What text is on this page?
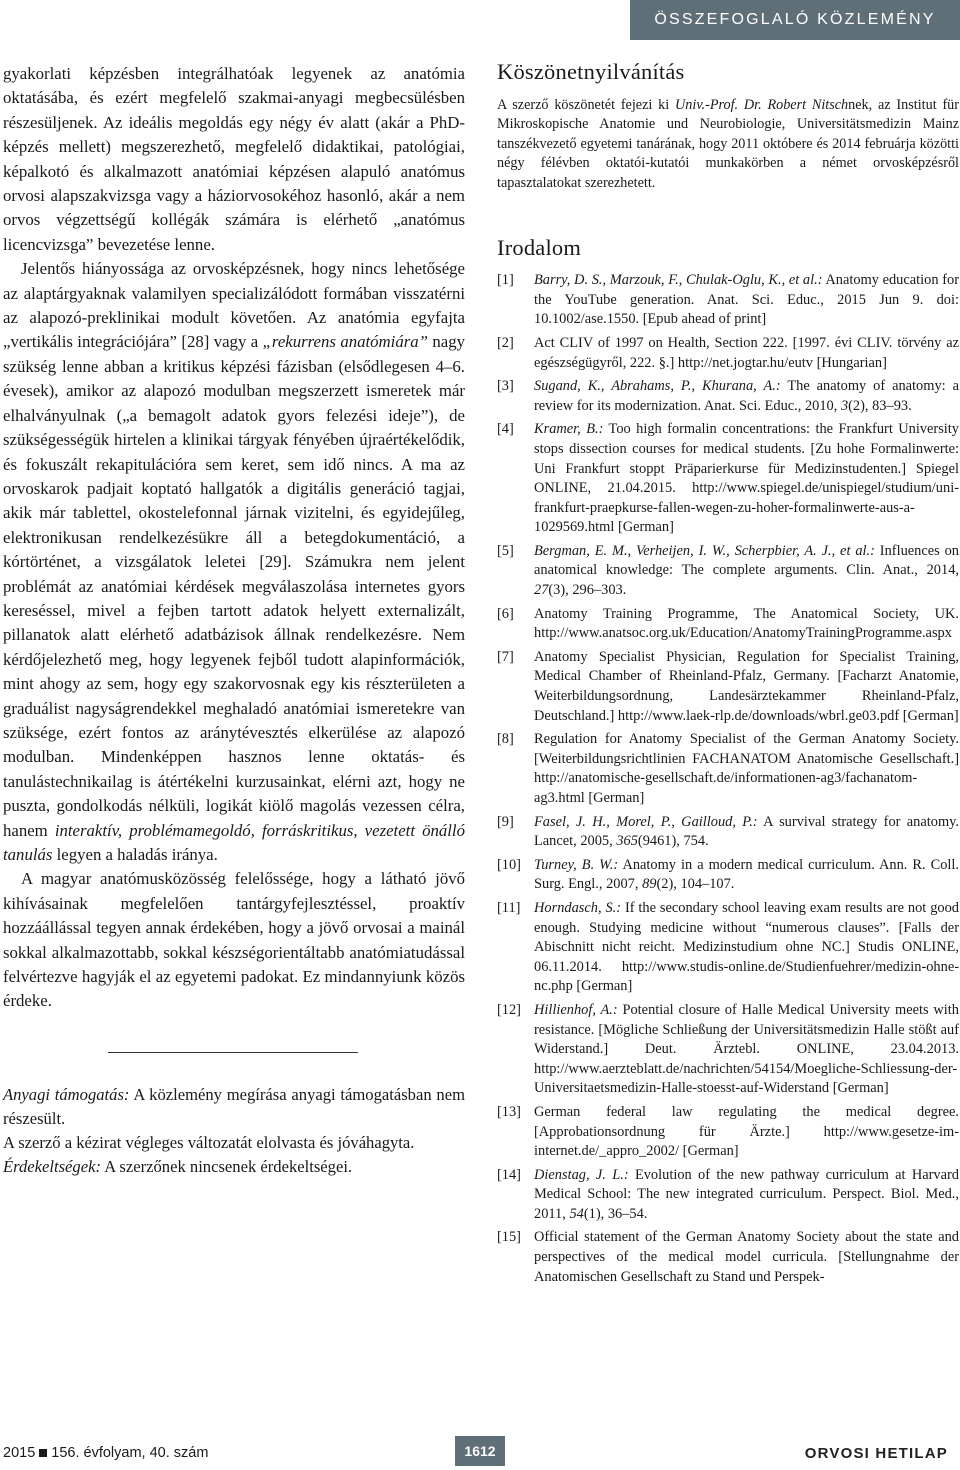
ÖSSZEFOGLALÓ KÖZLEMÉNY

gyakorlati képzésben integrálhatóak legyenek az anatómia oktatásába, és ezért megfelelő szakmai-anyagi megbecsülésben részesüljenek. Az ideális megoldás egy négy év alatt (akár a PhD-képzés mellett) megszerezhető, megfelelő didaktikai, patológiai, képalkotó és alkalmazott anatómiai képzésen alapuló anatómus orvosi alapszakvizsga vagy a háziorvosokéhoz hasonló, akár a nem orvos végzettségű kollégák számára is elérhető „anatómus licencvizsga” bevezetése lenne.

Jelentős hiányossága az orvosképzésnek, hogy nincs lehetősége az alaptárgyaknak valamilyen specializálódott formában visszatérni az alapozó-preklinikai modult követően. Az anatómia egyfajta „vertikális integrációjára” [28] vagy a „rekurrens anatómiára” nagy szükség lenne abban a kritikus képzési fázisban (elsődlegesen 4–6. évesek), amikor az alapozó modulban megszerzett ismeretek már elhalványulnak („a bemagolt adatok gyors felezési ideje”), de szükségességük hirtelen a klinikai tárgyak fényében újraértékelődik, és fokuszált rekapitulációra sem keret, sem idő nincs. A ma az orvoskarok padjait koptató hallgatók a digitális generáció tagjai, akik már tablettel, okostelefonnal járnak vizitelni, és egyidejűleg, elektronikusan rendelkezésükre áll a betegdokumentáció, a kórtörténet, a vizsgálatok leletei [29]. Számukra nem jelent problémát az anatómiai kérdések megválaszolása internetes gyors kereséssel, mivel a fejben tartott adatok helyett externalizált, pillanatok alatt elérhető adatbázisok állnak rendelkezésre. Nem kérdőjelezhető meg, hogy legyenek fejből tudott alapinformációk, mint ahogy az sem, hogy egy szakorvosnak egy kis részterületen a graduálist nagyságrendekkel meghaladó anatómiai ismeretekre van szüksége, ezért fontos az aránytévesztés elkerülése az alapozó modulban. Mindenképpen hasznos lenne oktatás- és tanulástechnikailag is átértékelni kurzusainkat, elérni azt, hogy ne puszta, gondolkodás nélküli, logikát kiölő magolás vezessen célra, hanem interaktív, problémamegoldó, forráskritikus, vezetett önálló tanulás legyen a haladás iránya.

A magyar anatómusközösség felelőssége, hogy a látható jövő kihívásainak megfelelően tantárgyfejlesztéssel, proaktív hozzáállással tegyen annak érdekében, hogy a jövő orvosai a mainál sokkal alkalmazottabb, sokkal készségorientáltabb anatómiatudással felvértezve hagyják el az egyetemi padokat. Ez mindannyiunk közös érdeke.

Anyagi támogatás: A közlemény megírása anyagi támogatásban nem részesült.

A szerző a kézirat végleges változatát elolvasta és jóváhagyta.

Érdekeltségek: A szerzőnek nincsenek érdekeltségei.

Köszönetnyilvánítás

A szerző köszönetét fejezi ki Univ.-Prof. Dr. Robert Nitschnek, az Institut für Mikroskopische Anatomie und Neurobiologie, Universitätsmedizin Mainz tanszékvezető egyetemi tanárának, hogy 2011 októbere és 2014 februárja közötti négy félévben oktatói-kutatói munkakörben a német orvosképzésről tapasztalatokat szerezhetett.

Irodalom
[1]	Barry, D. S., Marzouk, F., Chulak-Oglu, K., et al.: Anatomy education for the YouTube generation. Anat. Sci. Educ., 2015 Jun 9. doi: 10.1002/ase.1550. [Epub ahead of print]
[2]	Act CLIV of 1997 on Health, Section 222. [1997. évi CLIV. törvény az egészségügyről, 222. §.] http://net.jogtar.hu/eutv [Hungarian]
[3]	Sugand, K., Abrahams, P., Khurana, A.: The anatomy of anatomy: a review for its modernization. Anat. Sci. Educ., 2010, 3(2), 83–93.
[4]	Kramer, B.: Too high formalin concentrations: the Frankfurt University stops dissection courses for medical students. [Zu hohe Formalinwerte: Uni Frankfurt stoppt Präparierkurse für Medizinstudenten.] Spiegel ONLINE, 21.04.2015. http://www.spiegel.de/unispiegel/studium/uni-frankfurt-praepkurse-fallen-wegen-zu-hoher-formalinwerte-aus-a-1029569.html [German]
[5]	Bergman, E. M., Verheijen, I. W., Scherpbier, A. J., et al.: Influences on anatomical knowledge: The complete arguments. Clin. Anat., 2014, 27(3), 296–303.
[6]	Anatomy Training Programme, The Anatomical Society, UK. http://www.anatsoc.org.uk/Education/AnatomyTrainingProgramme.aspx
[7]	Anatomy Specialist Physician, Regulation for Specialist Training, Medical Chamber of Rheinland-Pfalz, Germany. [Facharzt Anatomie, Weiterbildungsordnung, Landesärztekammer Rheinland-Pfalz, Deutschland.] http://www.laek-rlp.de/downloads/wbrl.ge03.pdf [German]
[8]	Regulation for Anatomy Specialist of the German Anatomy Society. [Weiterbildungsrichtlinien FACHANATOM Anatomische Gesellschaft.] http://anatomische-gesellschaft.de/informationen-ag3/fachanatom-ag3.html [German]
[9]	Fasel, J. H., Morel, P., Gailloud, P.: A survival strategy for anatomy. Lancet, 2005, 365(9461), 754.
[10] Turney, B. W.: Anatomy in a modern medical curriculum. Ann. R. Coll. Surg. Engl., 2007, 89(2), 104–107.
[11] Horndasch, S.: If the secondary school leaving exam results are not good enough. Studying medicine without “numerous clauses”. [Falls der Abischnitt nicht reicht. Medizinstudium ohne NC.] Studis ONLINE, 06.11.2014. http://www.studis-online.de/Studienfuehrer/medizin-ohne-nc.php [German]
[12] Hillienhof, A.: Potential closure of Halle Medical University meets with resistance. [Mögliche Schließung der Universitätsmedizin Halle stößt auf Widerstand.] Deut. Ärztebl. ONLINE, 23.04.2013. http://www.aerzteblatt.de/nachrichten/54154/Moegliche-Schliessung-der-Universitaetsmedizin-Halle-stoesst-auf-Widerstand [German]
[13] German federal law regulating the medical degree. [Approbationsordnung für Ärzte.] http://www.gesetze-im-internet.de/_appro_2002/ [German]
[14] Dienstag, J. L.: Evolution of the new pathway curriculum at Harvard Medical School: The new integrated curriculum. Perspect. Biol. Med., 2011, 54(1), 36–54.
[15] Official statement of the German Anatomy Society about the state and perspectives of the medical model curricula. [Stellungnahme der Anatomischen Gesellschaft zu Stand und Perspek-
2015 156. évfolyam, 40. szám	1612	ORVOSI HETILAP
